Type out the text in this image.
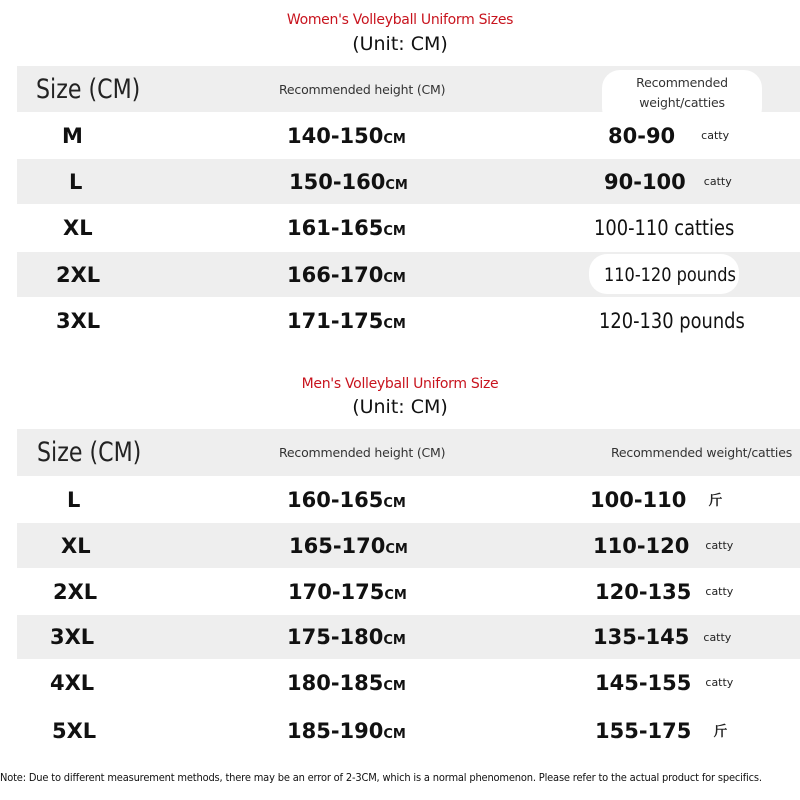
Women's Volleyball Uniform Sizes
(Unit: CM)
Size (CM)	Recommended height (CM)	Recommended
weight/catties
M	140-150CM	80-90 catty
L	150-160CM	90-100 catty
XL	161-165CM	100-110 catties
2XL	166-170CM	110-120 pounds
3XL	171-175CM	120-130 pounds
Men's Volleyball Uniform Size
(Unit: CM)
Size (CM)	Recommended height (CM)	Recommended weight/catties
L	160-165CM	100-110 斤
XL	165-170CM	110-120 catty
2XL	170-175CM	120-135 catty
3XL	175-180CM	135-145 catty
4XL	180-185CM	145-155 catty
5XL	185-190CM	155-175 斤
Note: Due to different measurement methods, there may be an error of 2-3CM, which is a normal phenomenon. Please refer to the actual product for specifics.
